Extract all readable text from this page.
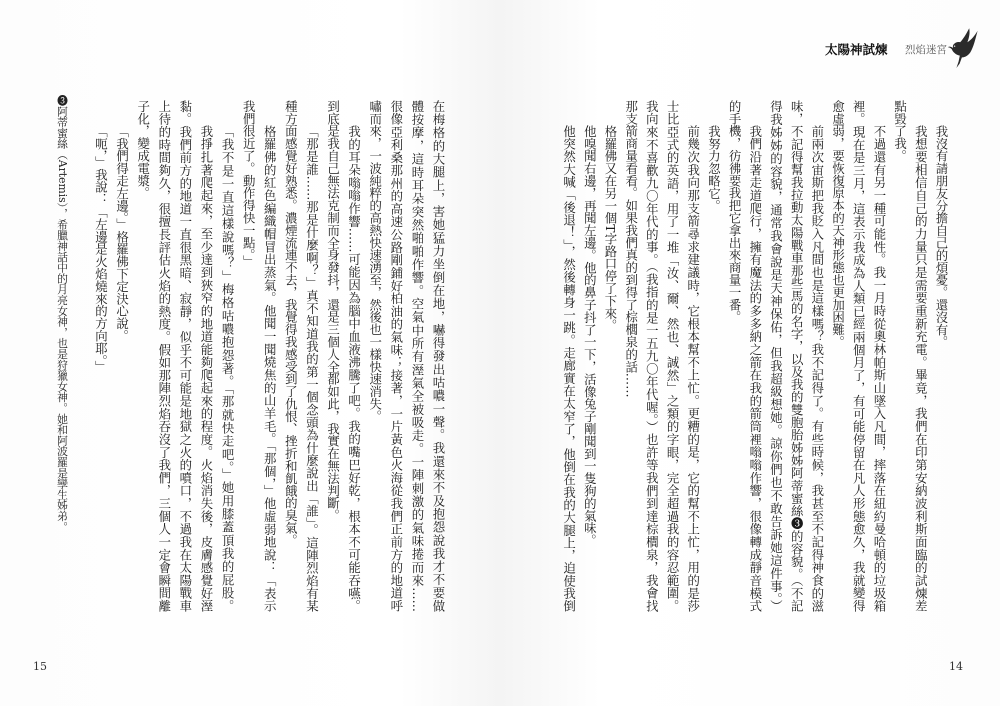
在梅格的大腿上，害她猛力坐倒在地，嚇得發出咕噥一聲。我還來不及抱怨說我才不要做
體按摩，這時耳朵突然啪啪作響。空氣中所有溼氣全被吸走。一陣刺激的氣味捲而來……
很像亞利桑那州的高速公路剛鋪好柏油的氣味；接著，一片黃色火海從我們正前方的地道呼
嘯而來，一波純粹的高熱快速湧至，然後也一樣快速消失。
我的耳朵嗡嗡作響……可能因為腦中血液沸騰了吧。我的嘴巴好乾，根本不可能吞嚥。
到底是我自己無法克制而全身發抖，還是三個人全都如此，我實在無法判斷。
「那是誰……那是什麼啊？」真不知道我的第一個念頭為什麼說出「誰」。這陣烈焰有某
種方面感覺好熟悉。濃煙流連不去，我覺得我感受到了仇恨、挫折和飢餓的臭氣。
格羅佛的紅色編織帽冒出蒸氣。他聞一聞燒焦的山羊毛。「那個，」他虛弱地說：「表示
我們很近了。動作得快一點。」
「我不是一直這樣說嗎？」梅格咕噥抱怨著。「那就快走吧。」她用膝蓋頂我的屁股。
我掙扎著爬起來，至少達到狹窄的地道能夠爬起來的程度。火焰消失後，皮膚感覺好溼
黏。我們前方的地道一直很黑暗、寂靜，似乎不可能是地獄之火的噴口，不過我在太陽戰車
上待的時間夠久，很擅長評估火焰的熱度。假如那陣烈焰吞沒了我們，三個人一定會瞬間離
子化，變成電漿。
「我們得走左邊。」格羅佛下定決心說。
「呃，」我說：「左邊是火焰燒來的方向耶。」
❸阿蒂蜜絲（Artemis），希臘神話中的月亮女神，也是狩獵女神。她和阿波羅是孿生姊弟。
15
太陽神試煉 烈焰迷宮
我沒有請朋友分擔自己的煩憂。還沒有。
我想要相信自己的力量只是需要重新充電。畢竟，我們在印第安納波利斯面臨的試煉差
點毀了我。
不過還有另一種可能性。我一月時從奧林帕斯山墜入凡間，摔落在紐約曼哈頓的垃圾箱
裡。現在是三月，這表示我成為人類已經兩個月了，有可能停留在凡人形態愈久，我就變得
愈虛弱，要恢復原本的天神形態也更加困難。
前兩次宙斯把我貶入凡間也是這樣嗎？我不記得了。有些時候，我甚至不記得神食的滋
味，不記得幫我拉動太陽戰車那些馬的名字，以及我的雙胞胎姊姊阿蒂蜜絲❸的容貌。（不記
得我姊姊的容貌，通常我會說是天神保佑，但我超級想她。諒你們也不敢告訴她這件事。）
我們沿著走道爬行，擁有魔法的多多納之箭在我的箭筒裡嗡嗡作響，很像轉成靜音模式
的手機，彷彿要我把它拿出來商量一番。
我努力忽略它。
前幾次我向那支箭尋求建議時，它根本幫不上忙。更糟的是，它的幫不上忙，用的是莎
士比亞式的英語，用了一堆「汝、爾、然也、誠然」之類的字眼，完全超過我的容忍範圍。
我向來不喜歡九〇年代的事。（我指的是一五九〇年代喔。）也許等我們到達棕櫚泉，我會找
那支箭商量看看。如果我們真的到得了棕櫚泉的話……
格羅佛又在另一個T字路口停了下來。
他嗅聞右邊，再聞左邊。他的鼻子抖了一下，活像兔子剛聞到一隻狗的氣味。
他突然大喊「後退！」，然後轉身一跳。走廊實在太窄了，他倒在我的大腿上，迫使我倒
14
